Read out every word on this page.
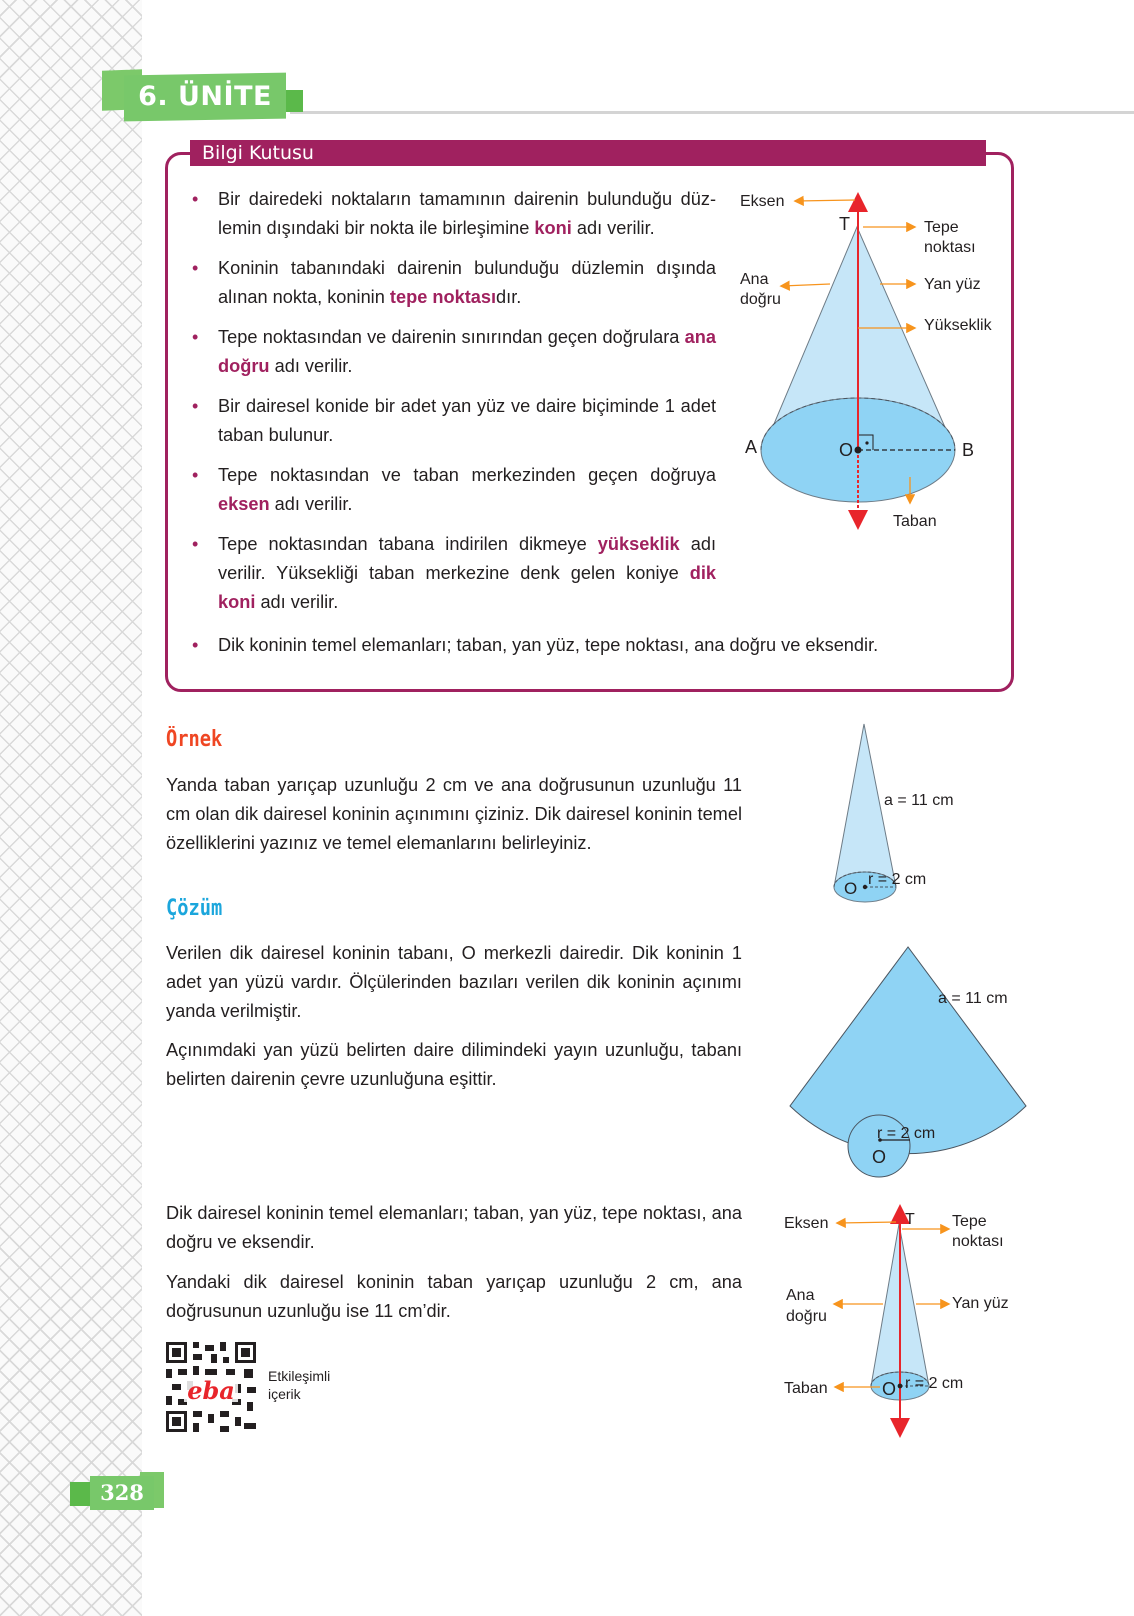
6. ÜNİTE
Bilgi Kutusu
• Bir dairedeki noktaların tamamının dairenin bulunduğu düz-lemin dışındaki bir nokta ile birleşimine koni adı verilir.
• Koninin tabanındaki dairenin bulunduğu düzlemin dışında alınan nokta, koninin tepe noktasıdır.
• Tepe noktasından ve dairenin sınırından geçen doğrulara ana doğru adı verilir.
• Bir dairesel konide bir adet yan yüz ve daire biçiminde 1 adet taban bulunur.
• Tepe noktasından ve taban merkezinden geçen doğruya eksen adı verilir.
• Tepe noktasından tabana indirilen dikmeye yükseklik adı verilir. Yüksekliği taban merkezine denk gelen koniye dik koni adı verilir.
• Dik koninin temel elemanları; taban, yan yüz, tepe noktası, ana doğru ve eksendir.
Eksen
T	Tepe
noktası
Ana
doğru
Yan yüz
Yükseklik
A	O	B
Taban
Örnek

Yanda taban yarıçap uzunluğu 2 cm ve ana doğrusunun uzunluğu 11 cm olan dik dairesel koninin açınımını çiziniz. Dik dairesel koninin temel özelliklerini yazınız ve temel elemanlarını belirleyiniz.

a = 11 cm
r = 2 cm
O
Çözüm

Verilen dik dairesel koninin tabanı, O merkezli dairedir. Dik koninin 1 adet yan yüzü vardır. Ölçülerinden bazıları verilen dik koninin açınımı yanda verilmiştir.

Açınımdaki yan yüzü belirten daire dilimindeki yayın uzunluğu, tabanı belirten dairenin çevre uzunluğuna eşittir.

a = 11 cm
r = 2 cm
O

Dik dairesel koninin temel elemanları; taban, yan yüz, tepe noktası, ana doğru ve eksendir.

Yandaki dik dairesel koninin taban yarıçap uzunluğu 2 cm, ana doğrusunun uzunluğu ise 11 cm’dir.

Eksen	T Tepe
noktası
Ana
doğru
Yan yüz
Taban	O r = 2 cm
eba Etkileşimli
içerik
328
